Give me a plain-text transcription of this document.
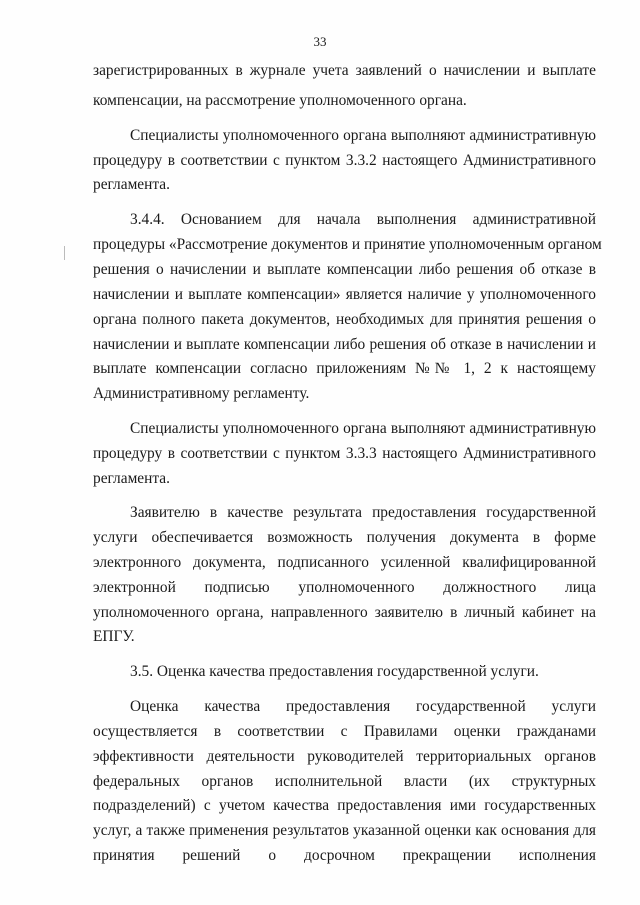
33
зарегистрированных в журнале учета заявлений о начислении и выплате
компенсации, на рассмотрение уполномоченного органа.
Специалисты уполномоченного органа выполняют административную
процедуру в соответствии с пунктом 3.3.2 настоящего Административного
регламента.
3.4.4. Основанием для начала выполнения административной
процедуры «Рассмотрение документов и принятие уполномоченным органом
решения о начислении и выплате компенсации либо решения об отказе в
начислении и выплате компенсации» является наличие у уполномоченного
органа полного пакета документов, необходимых для принятия решения о
начислении и выплате компенсации либо решения об отказе в начислении и
выплате компенсации согласно приложениям №№ 1, 2 к настоящему
Административному регламенту.
Специалисты уполномоченного органа выполняют административную
процедуру в соответствии с пунктом 3.3.3 настоящего Административного
регламента.
Заявителю в качестве результата предоставления государственной
услуги обеспечивается возможность получения документа в форме
электронного документа, подписанного усиленной квалифицированной
электронной подписью уполномоченного должностного лица
уполномоченного органа, направленного заявителю в личный кабинет на
ЕПГУ.
3.5. Оценка качества предоставления государственной услуги.
Оценка качества предоставления государственной услуги
осуществляется в соответствии с Правилами оценки гражданами
эффективности деятельности руководителей территориальных органов
федеральных органов исполнительной власти (их структурных
подразделений) с учетом качества предоставления ими государственных
услуг, а также применения результатов указанной оценки как основания для
принятия решений о досрочном прекращении исполнения
